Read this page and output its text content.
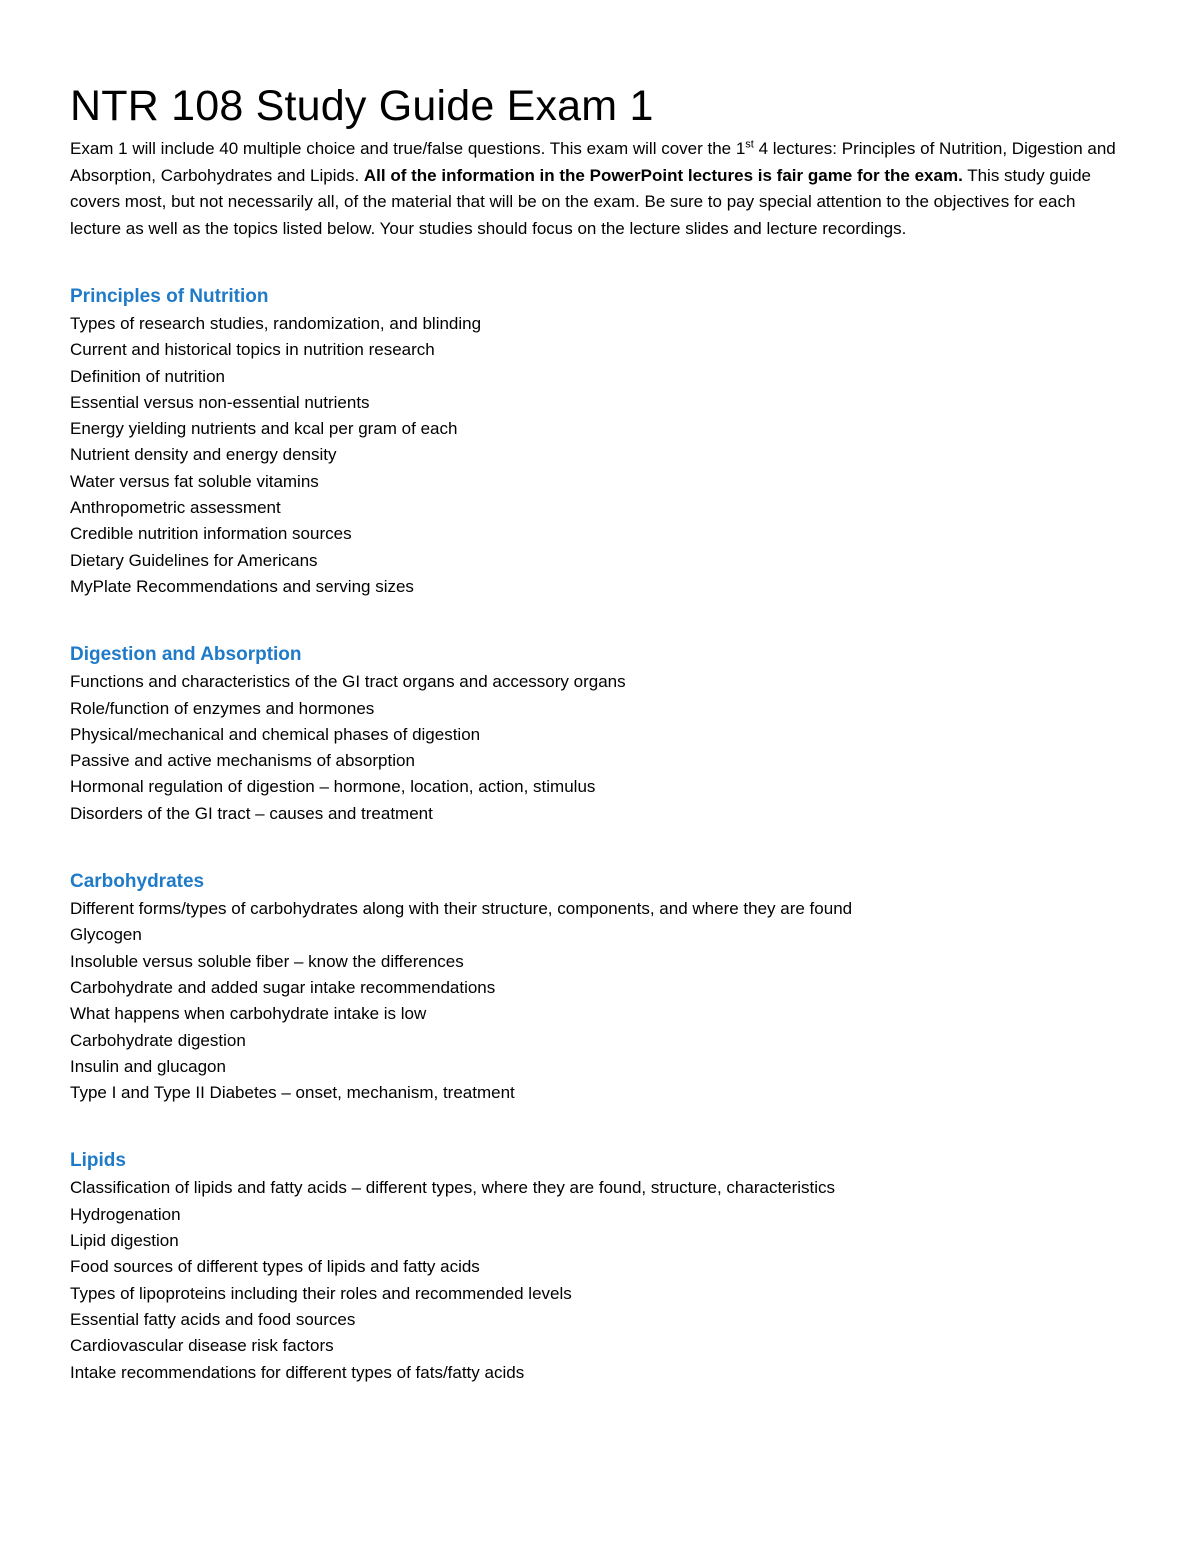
NTR 108 Study Guide Exam 1

Exam 1 will include 40 multiple choice and true/false questions. This exam will cover the 1st 4 lectures: Principles of Nutrition, Digestion and Absorption, Carbohydrates and Lipids. All of the information in the PowerPoint lectures is fair game for the exam. This study guide covers most, but not necessarily all, of the material that will be on the exam. Be sure to pay special attention to the objectives for each lecture as well as the topics listed below. Your studies should focus on the lecture slides and lecture recordings.

Principles of Nutrition
Types of research studies, randomization, and blinding
Current and historical topics in nutrition research
Definition of nutrition
Essential versus non-essential nutrients
Energy yielding nutrients and kcal per gram of each
Nutrient density and energy density
Water versus fat soluble vitamins
Anthropometric assessment
Credible nutrition information sources
Dietary Guidelines for Americans
MyPlate Recommendations and serving sizes
Digestion and Absorption
Functions and characteristics of the GI tract organs and accessory organs
Role/function of enzymes and hormones
Physical/mechanical and chemical phases of digestion
Passive and active mechanisms of absorption
Hormonal regulation of digestion – hormone, location, action, stimulus
Disorders of the GI tract – causes and treatment
Carbohydrates
Different forms/types of carbohydrates along with their structure, components, and where they are found
Glycogen
Insoluble versus soluble fiber – know the differences
Carbohydrate and added sugar intake recommendations
What happens when carbohydrate intake is low
Carbohydrate digestion
Insulin and glucagon
Type I and Type II Diabetes – onset, mechanism, treatment
Lipids
Classification of lipids and fatty acids – different types, where they are found, structure, characteristics
Hydrogenation
Lipid digestion
Food sources of different types of lipids and fatty acids
Types of lipoproteins including their roles and recommended levels
Essential fatty acids and food sources
Cardiovascular disease risk factors
Intake recommendations for different types of fats/fatty acids
